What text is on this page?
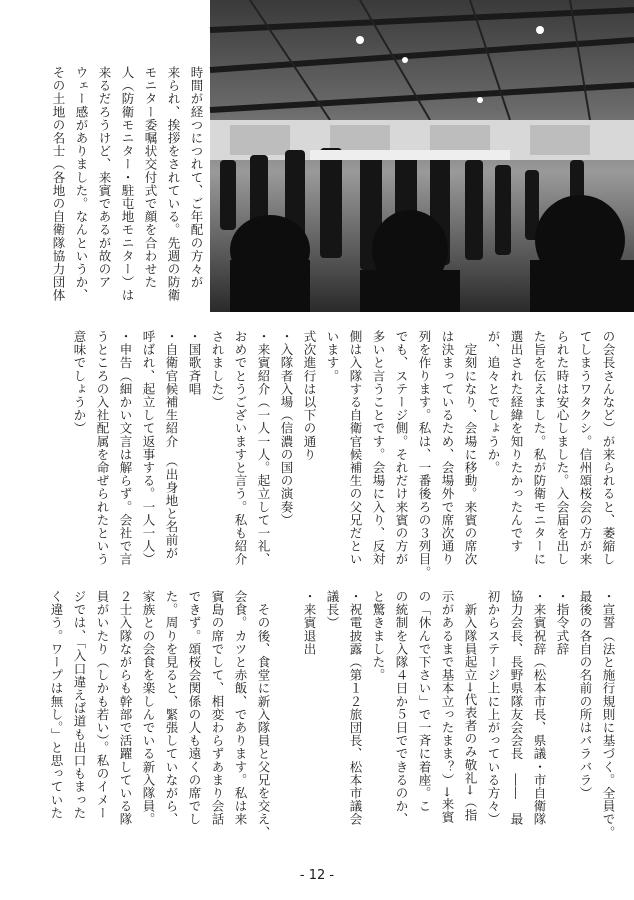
時間が経つにつれて、ご年配の方々が

来られ、挨拶をされている。先週の防衛

モニター委嘱状交付式で顔を合わせた

人（防衛モニター・駐屯地モニター）は

来るだろうけど、来賓であるが故のア

ウェー感がありました。なんというか、

その土地の名士（各地の自衛隊協力団体

の会長さんなど）が来られると、萎縮し

てしまうワタクシ。信州頌桜会の方が来

られた時は安心しました。入会届を出し

た旨を伝えました。私が防衛モニターに

選出された経緯を知りたかったんです

が、追々とでしょうか。

　定刻になり、会場に移動。来賓の席次

は決まっているため、会場外で席次通り

列を作ります。私は、一番後ろの３列目。

でも、ステージ側。それだけ来賓の方が

多いと言うことです。会場に入り、反対

側は入隊する自衛官候補生の父兄だとい

います。

式次進行は以下の通り

・入隊者入場（信濃の国の演奏）

・来賓紹介（一人一人。起立して一礼、

おめでとうございますと言う。私も紹介

されました）

・国歌斉唱

・自衛官候補生紹介　（出身地と名前が

呼ばれ、起立して返事する。一人一人）

・申告（細かい文言は解らず。会社で言

うところの入社配属を命ぜられたという

意味でしょうか）

・宣誓（法と施行規則に基づく。全員で。

最後の各自の名前の所はバラバラ）

・指令式辞

・来賓祝辞（松本市長、県議・市自衛隊

協力会長、長野県隊友会会長　――　最

初からステージ上に上がっている方々）

　新入隊員起立→代表者のみ敬礼→（指

示があるまで基本立ったまま？）→来賓

の「休んで下さい」で一斉に着座。こ

の統制を入隊４日か５日でできるのか、

と驚きました。

・祝電披露（第１２旅団長、松本市議会

議長）

・来賓退出

　その後、食堂に新入隊員と父兄を交え、

会食。カツと赤飯、であります。私は来

賓島の席でして、相変わらずあまり会話

できず。頌桜会関係の人も遠くの席でし

た。周りを見ると、緊張していながら、

家族との会食を楽しんでいる新入隊員。

２士入隊ながらも幹部で活躍している隊

員がいたり（しかも若い）。私のイメー

ジでは、「入口違えば道も出口もまった

く違う。ワープは無し。」と思っていた

- 12 -
